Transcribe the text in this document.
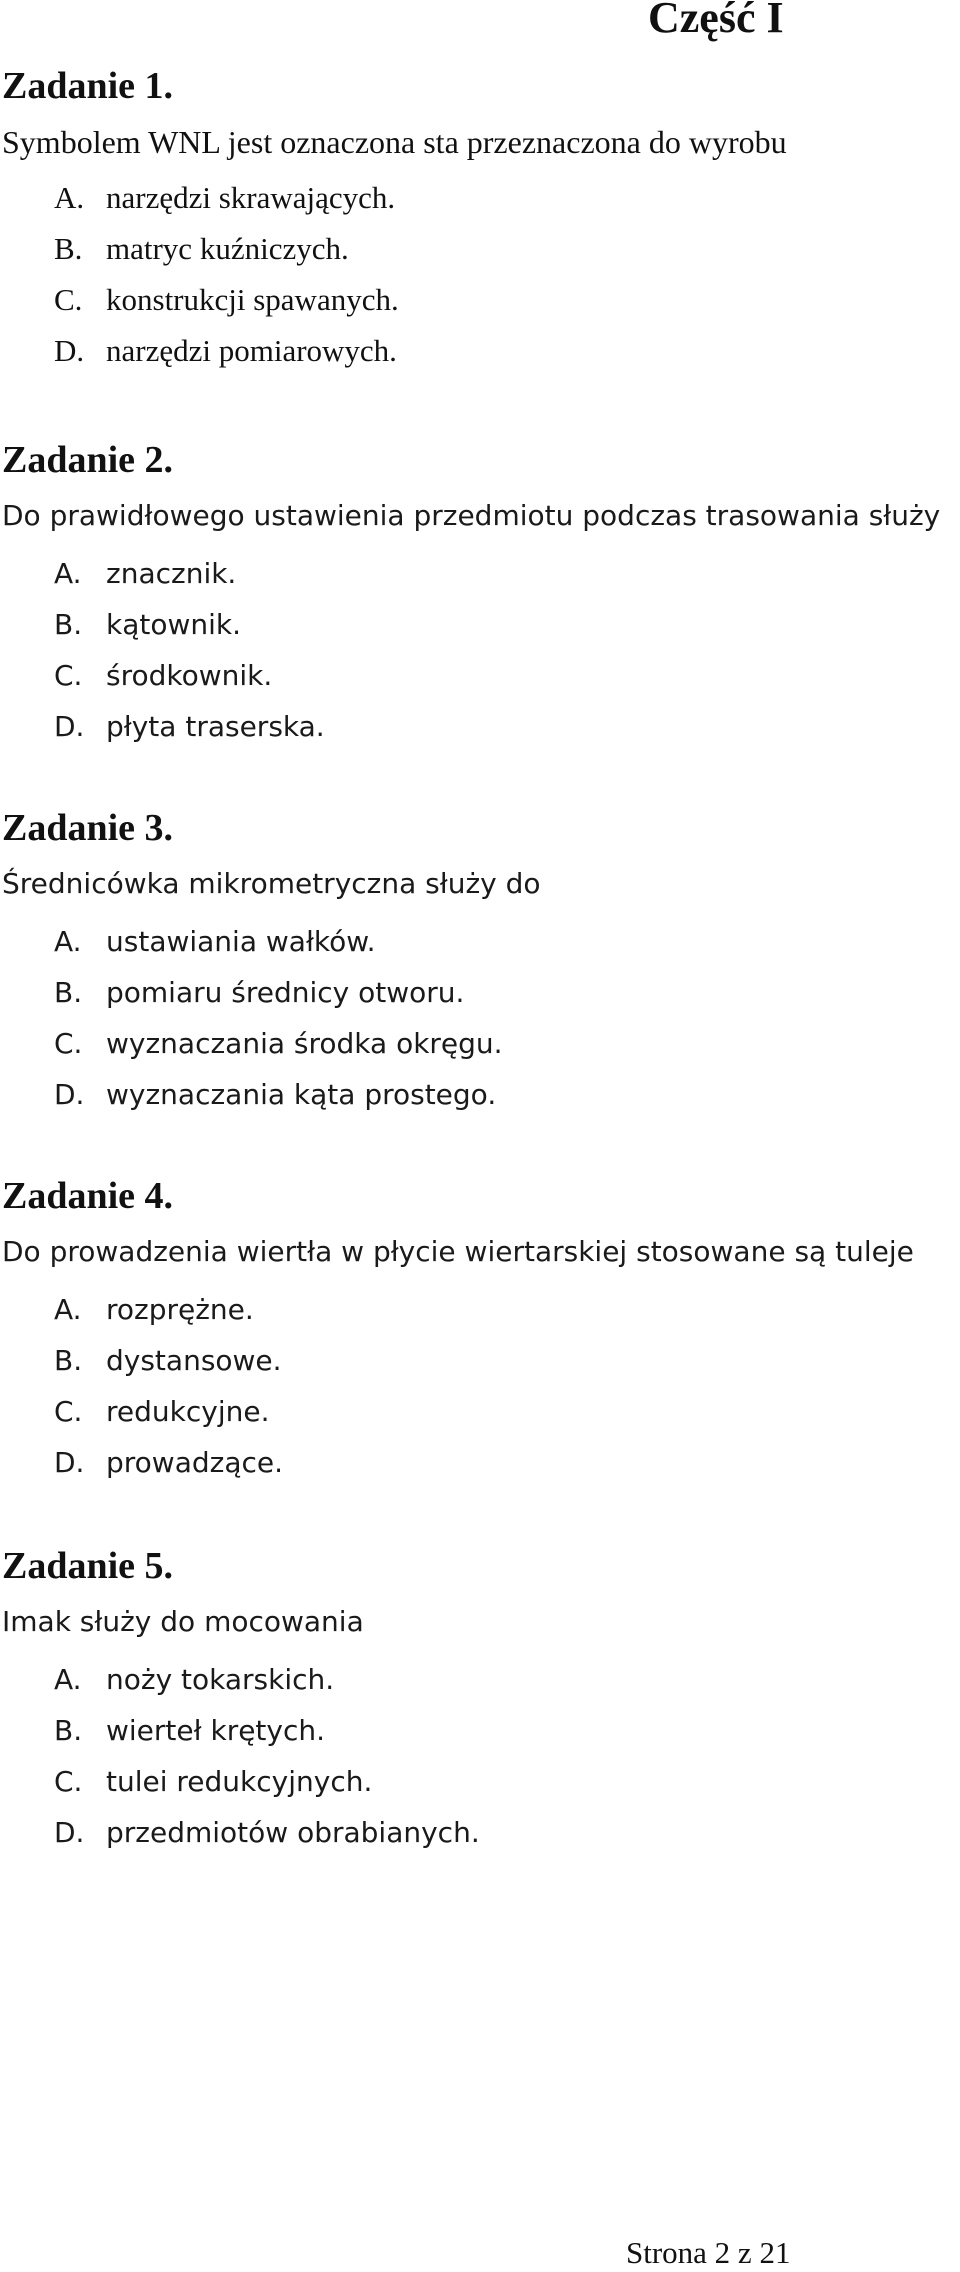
Część I
Zadanie 1.

Symbolem WNL jest oznaczona sta przeznaczona do wyrobu

A. narzędzi skrawających.
B. matryc kuźniczych.
C. konstrukcji spawanych.
D. narzędzi pomiarowych.
Zadanie 2.

Do prawidłowego ustawienia przedmiotu podczas trasowania służy

A. znacznik.
B. kątownik.
C. środkownik.
D. płyta traserska.
Zadanie 3.

Średnicówka mikrometryczna służy do

A. ustawiania wałków.
B. pomiaru średnicy otworu.
C. wyznaczania środka okręgu.
D. wyznaczania kąta prostego.
Zadanie 4.

Do prowadzenia wiertła w płycie wiertarskiej stosowane są tuleje

A. rozprężne.
B. dystansowe.
C. redukcyjne.
D. prowadzące.
Zadanie 5.

Imak służy do mocowania

A. noży tokarskich.
B. wierteł krętych.
C. tulei redukcyjnych.
D. przedmiotów obrabianych.

Strona 2 z 21
